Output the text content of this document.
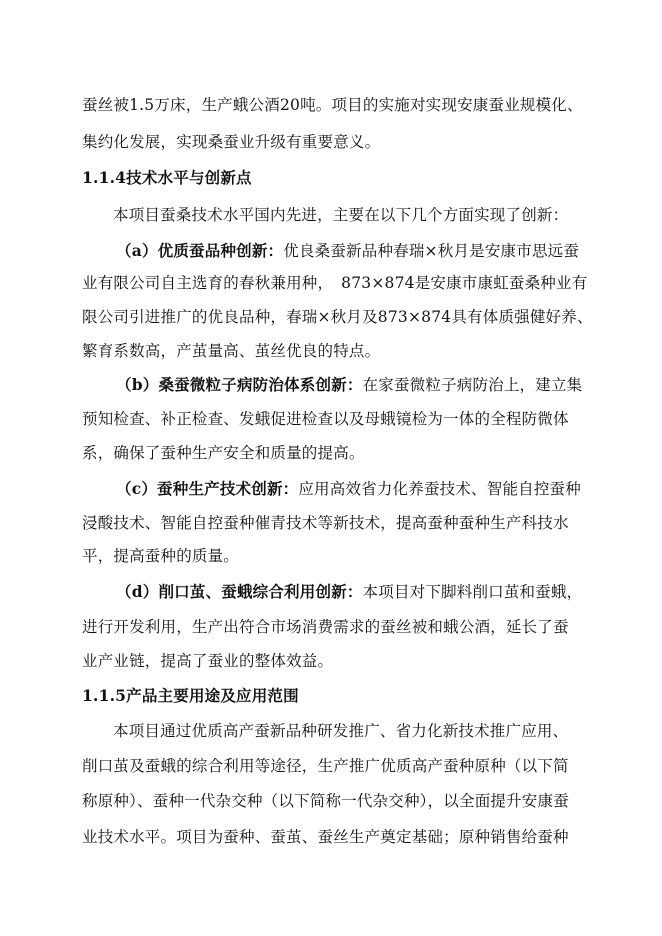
蚕丝被1.5万床，生产蛾公酒20吨。项目的实施对实现安康蚕业规模化、
集约化发展，实现桑蚕业升级有重要意义。
1.1.4技术水平与创新点
本项目蚕桑技术水平国内先进，主要在以下几个方面实现了创新：
（a）优质蚕品种创新：优良桑蚕新品种春瑞×秋月是安康市思远蚕
业有限公司自主选育的春秋兼用种，　873×874是安康市康虹蚕桑种业有
限公司引进推广的优良品种，春瑞×秋月及873×874具有体质强健好养、
繁育系数高，产茧量高、茧丝优良的特点。
（b）桑蚕微粒子病防治体系创新：在家蚕微粒子病防治上，建立集
预知检查、补正检查、发蛾促进检查以及母蛾镜检为一体的全程防微体
系，确保了蚕种生产安全和质量的提高。
（c）蚕种生产技术创新：应用高效省力化养蚕技术、智能自控蚕种
浸酸技术、智能自控蚕种催青技术等新技术，提高蚕种蚕种生产科技水
平，提高蚕种的质量。
（d）削口茧、蚕蛾综合利用创新：本项目对下脚料削口茧和蚕蛾，
进行开发利用，生产出符合市场消费需求的蚕丝被和蛾公酒，延长了蚕
业产业链，提高了蚕业的整体效益。
1.1.5产品主要用途及应用范围
本项目通过优质高产蚕新品种研发推广、省力化新技术推广应用、
削口茧及蚕蛾的综合利用等途径，生产推广优质高产蚕种原种（以下简
称原种）、蚕种一代杂交种（以下简称一代杂交种），以全面提升安康蚕
业技术水平。项目为蚕种、蚕茧、蚕丝生产奠定基础；原种销售给蚕种
